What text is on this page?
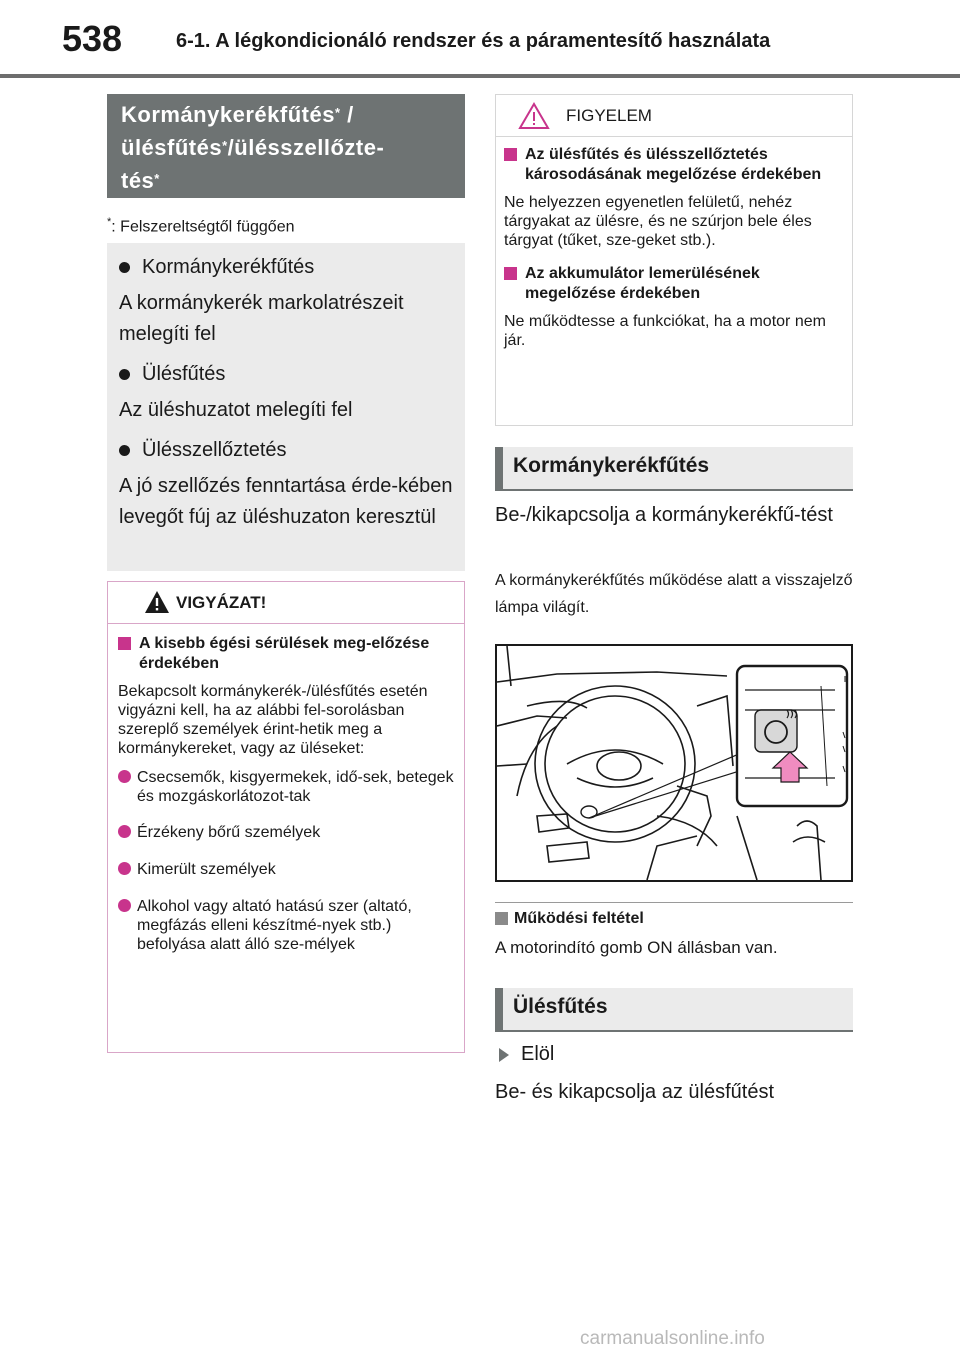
538	6-1. A légkondicionáló rendszer és a páramentesítő használata
Kormánykerékfűtés* /
ülésfűtés*/ülésszellőzte-
tés*
*: Felszereltségtől függően
Kormánykerékfűtés
A kormánykerék markolatrészeit melegíti fel
Ülésfűtés
Az üléshuzatot melegíti fel
Ülésszellőztetés
A jó szellőzés fenntartása érde-kében levegőt fúj az üléshuzaton keresztül
VIGYÁZAT!
A kisebb égési sérülések meg-előzése érdekében
Bekapcsolt kormánykerék-/ülésfűtés esetén vigyázni kell, ha az alábbi fel-sorolásban szereplő személyek érint-hetik meg a kormánykereket, vagy az üléseket:
Csecsemők, kisgyermekek, idő-sek, betegek és mozgáskorlátozot-tak
Érzékeny bőrű személyek
Kimerült személyek
Alkohol vagy altató hatású szer (altató, megfázás elleni készítmé-nyek stb.) befolyása alatt álló sze-mélyek
FIGYELEM
Az ülésfűtés és ülésszellőztetés károsodásának megelőzése érdekében
Ne helyezzen egyenetlen felületű, nehéz tárgyakat az ülésre, és ne szúrjon bele éles tárgyat (tűket, sze-geket stb.).
Az akkumulátor lemerülésének megelőzése érdekében
Ne működtesse a funkciókat, ha a motor nem jár.
Kormánykerékfűtés
Be-/kikapcsolja a kormánykerékfű-tést
A kormánykerékfűtés működése alatt a visszajelző lámpa világít.
Működési feltétel
A motorindító gomb ON állásban van.
Ülésfűtés
Elöl
Be- és kikapcsolja az ülésfűtést
carmanualsonline.info
